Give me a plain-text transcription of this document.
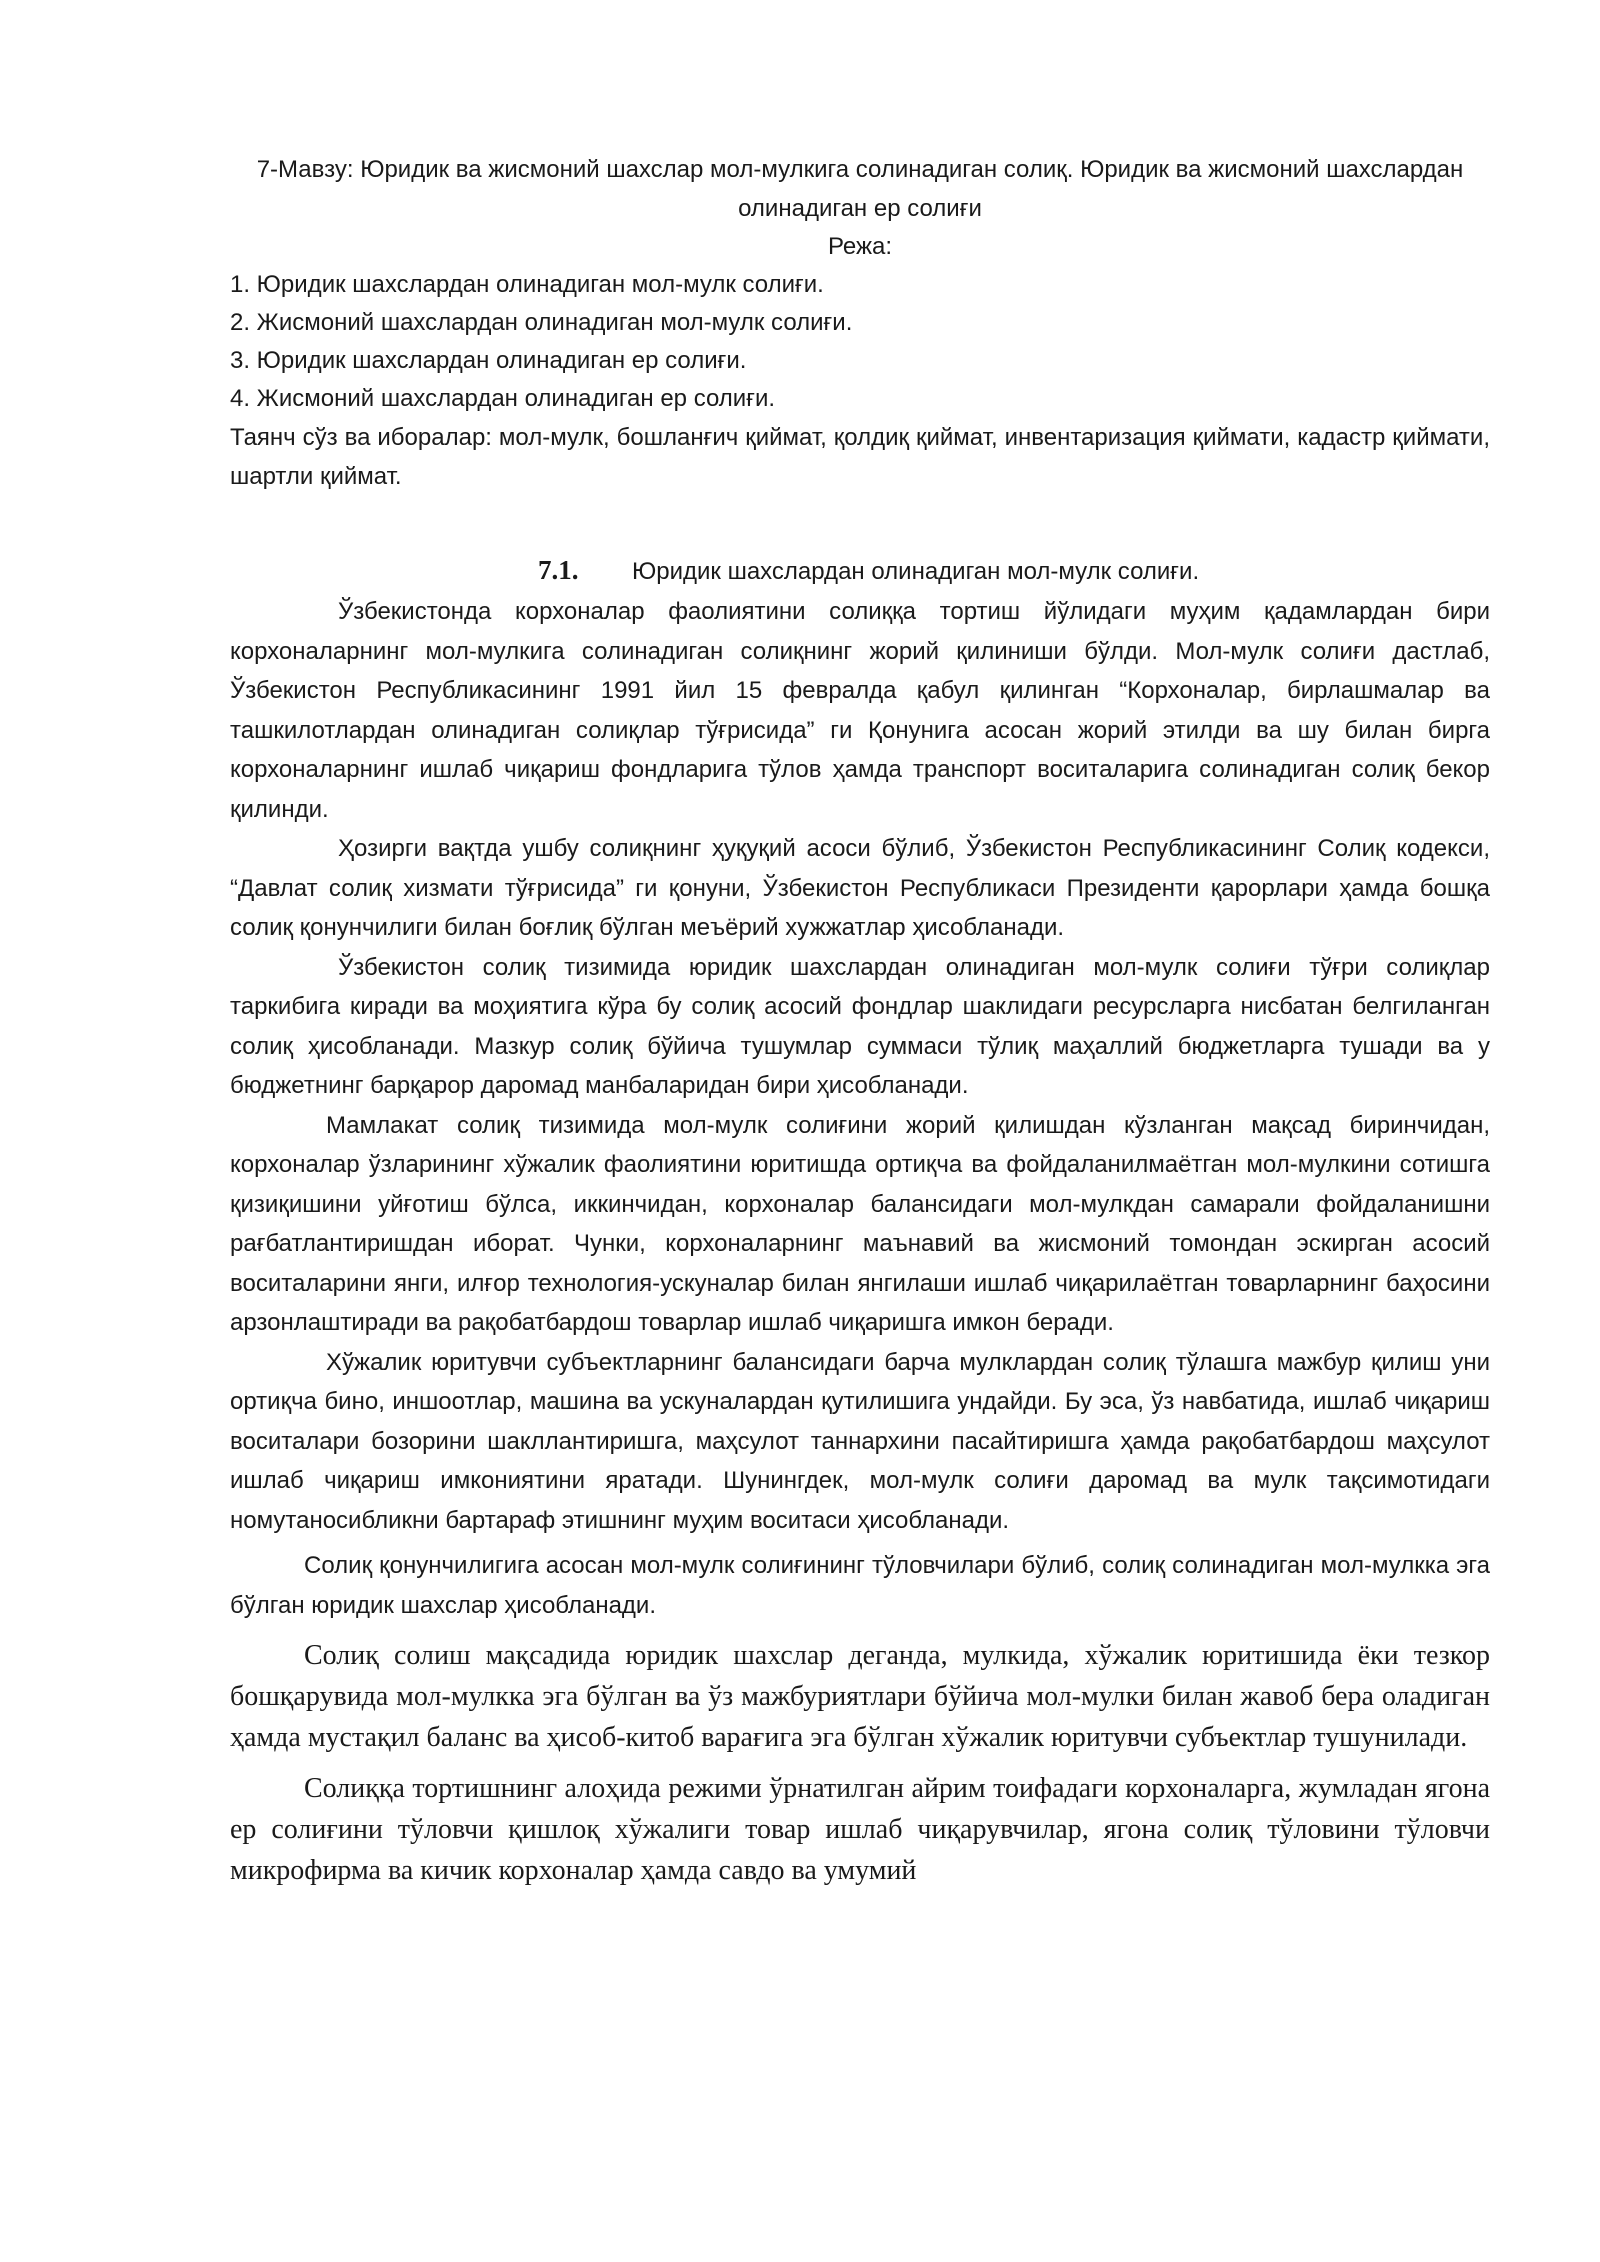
7-Мавзу: Юридик ва жисмоний шахслар мол-мулкига солинадиган солиқ. Юридик ва жисмоний шахслардан олинадиган ер солиғи

Режа:

1. Юридик шахслардан олинадиган мол-мулк солиғи.

2. Жисмоний шахслардан олинадиган мол-мулк солиғи.

3. Юридик шахслардан олинадиган ер солиғи.

4. Жисмоний шахслардан олинадиган ер солиғи.

Таянч сўз ва иборалар: мол-мулк, бошланғич қиймат, қолдиқ қиймат, инвентаризация қиймати, кадастр қиймати, шартли қиймат.

7.1. Юридик шахслардан олинадиган мол-мулк солиғи.

Ўзбекистонда корхоналар фаолиятини солиққа тортиш йўлидаги муҳим қадамлардан бири корхоналарнинг мол-мулкига солинадиган солиқнинг жорий қилиниши бўлди. Мол-мулк солиғи дастлаб, Ўзбекистон Республикасининг 1991 йил 15 февралда қабул қилинган “Корхоналар, бирлашмалар ва ташкилотлардан олинадиган солиқлар тўғрисида” ги Қонунига асосан жорий этилди ва шу билан бирга корхоналарнинг ишлаб чиқариш фондларига тўлов ҳамда транспорт воситаларига солинадиган солиқ бекор қилинди.

Ҳозирги вақтда ушбу солиқнинг ҳуқуқий асоси бўлиб, Ўзбекистон Республикасининг Солиқ кодекси, “Давлат солиқ хизмати тўғрисида” ги қонуни, Ўзбекистон Республикаси Президенти қарорлари ҳамда бошқа солиқ қонунчилиги билан боғлиқ бўлган меъёрий хужжатлар ҳисобланади.

Ўзбекистон солиқ тизимида юридик шахслардан олинадиган мол-мулк солиғи тўғри солиқлар таркибига киради ва моҳиятига кўра бу солиқ асосий фондлар шаклидаги ресурсларга нисбатан белгиланган солиқ ҳисобланади. Мазкур солиқ бўйича тушумлар суммаси тўлиқ маҳаллий бюджетларга тушади ва у бюджетнинг барқарор даромад манбаларидан бири ҳисобланади.

Мамлакат солиқ тизимида мол-мулк солиғини жорий қилишдан кўзланган мақсад биринчидан, корхоналар ўзларининг хўжалик фаолиятини юритишда ортиқча ва фойдаланилмаётган мол-мулкини сотишга қизиқишини уйғотиш бўлса, иккинчидан, корхоналар балансидаги мол-мулкдан самарали фойдаланишни рағбатлантиришдан иборат. Чунки, корхоналарнинг маънавий ва жисмоний томондан эскирган асосий воситаларини янги, илғор технология-ускуналар билан янгилаши ишлаб чиқарилаётган товарларнинг баҳосини арзонлаштиради ва рақобатбардош товарлар ишлаб чиқаришга имкон беради.

Хўжалик юритувчи субъектларнинг балансидаги барча мулклардан солиқ тўлашга мажбур қилиш уни ортиқча бино, иншоотлар, машина ва ускуналардан қутилишига ундайди. Бу эса, ўз навбатида, ишлаб чиқариш воситалари бозорини шакллантиришга, маҳсулот таннархини пасайтиришга ҳамда рақобатбардош маҳсулот ишлаб чиқариш имкониятини яратади. Шунингдек, мол-мулк солиғи даромад ва мулк тақсимотидаги номутаносибликни бартараф этишнинг муҳим воситаси ҳисобланади.

Солиқ қонунчилигига асосан мол-мулк солиғининг тўловчилари бўлиб, солиқ солинадиган мол-мулкка эга бўлган юридик шахслар ҳисобланади.

Солиқ солиш мақсадида юридик шахслар деганда, мулкида, хўжалик юритишида ёки тезкор бошқарувида мол-мулкка эга бўлган ва ўз мажбуриятлари бўйича мол-мулки билан жавоб бера оладиган ҳамда мустақил баланс ва ҳисоб-китоб варағига эга бўлган хўжалик юритувчи субъектлар тушунилади.

Солиққа тортишнинг алоҳида режими ўрнатилган айрим тоифадаги корхоналарга, жумладан ягона ер солиғини тўловчи қишлоқ хўжалиги товар ишлаб чиқарувчилар, ягона солиқ тўловини тўловчи микрофирма ва кичик корхоналар ҳамда савдо ва умумий
